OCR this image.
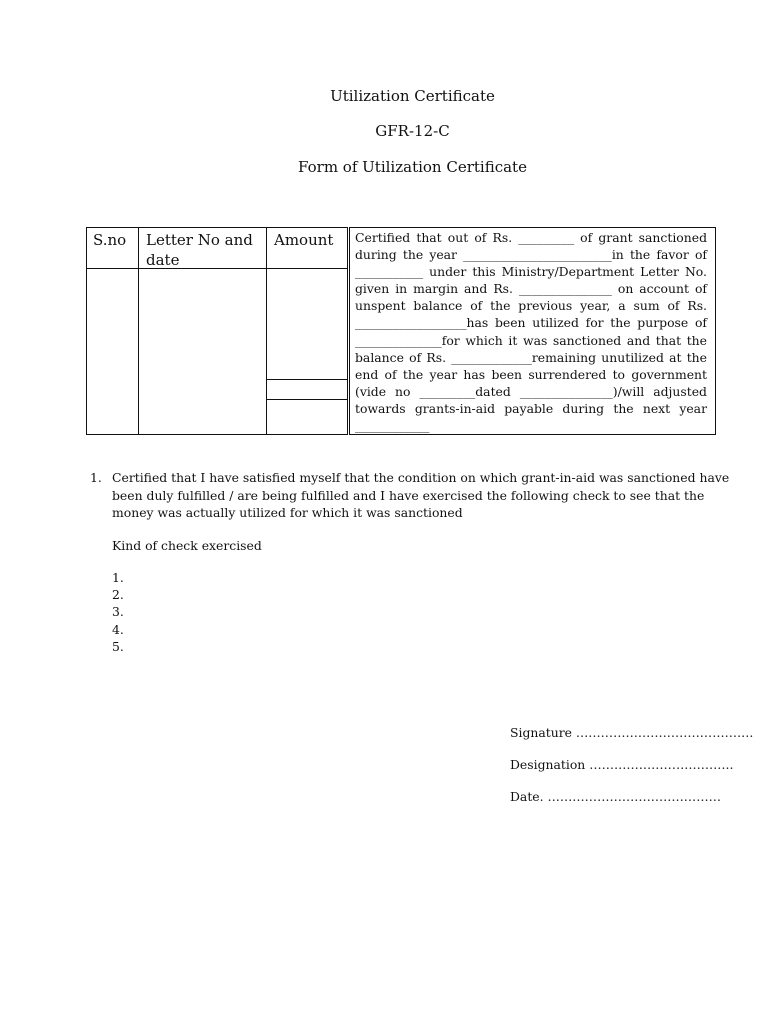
Utilization Certificate
GFR-12-C
Form of Utilization Certificate
S.no Letter No and date
Amount Certified that out of Rs. _________ of grant sanctioned during the year ________________________in the favor of ___________ under this Ministry/Department Letter No. given in margin and Rs. _______________ on account of unspent balance of the previous year, a sum of Rs. __________________has been utilized for the purpose of ______________for which it was sanctioned and that the balance of Rs. _____________remaining unutilized at the end of the year has been surrendered to government (vide no _________dated _______________)/will adjusted towards grants-in-aid payable during the next year ____________
1. Certified that I have satisfied myself that the condition on which grant-in-aid was sanctioned have been duly fulfilled / are being fulfilled and I have exercised the following check to see that the money was actually utilized for which it was sanctioned
Kind of check exercised
1.
2.
3.
4.
5.
Signature …………………………………….
Designation ……………………………..
Date. ……………………………………
